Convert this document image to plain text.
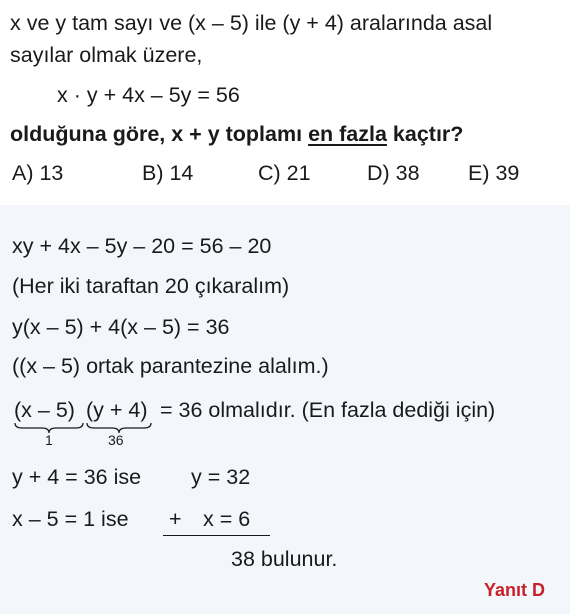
x ve y tam sayı ve (x – 5) ile (y + 4) aralarında asal
sayılar olmak üzere,
x · y + 4x – 5y = 56
olduğuna göre, x + y toplamı en fazla kaçtır?
A) 13	B) 14	C) 21	D) 38 E) 39
xy + 4x – 5y – 20 = 56 – 20
(Her iki taraftan 20 çıkaralım)
y(x – 5) + 4(x – 5) = 36
((x – 5) ortak parantezine alalım.)
(x – 5) (y + 4) = 36 olmalıdır. (En fazla dediği için)
1	36
y + 4 = 36 ise y = 32
x – 5 = 1 ise + x = 6
38 bulunur.
Yanıt D
